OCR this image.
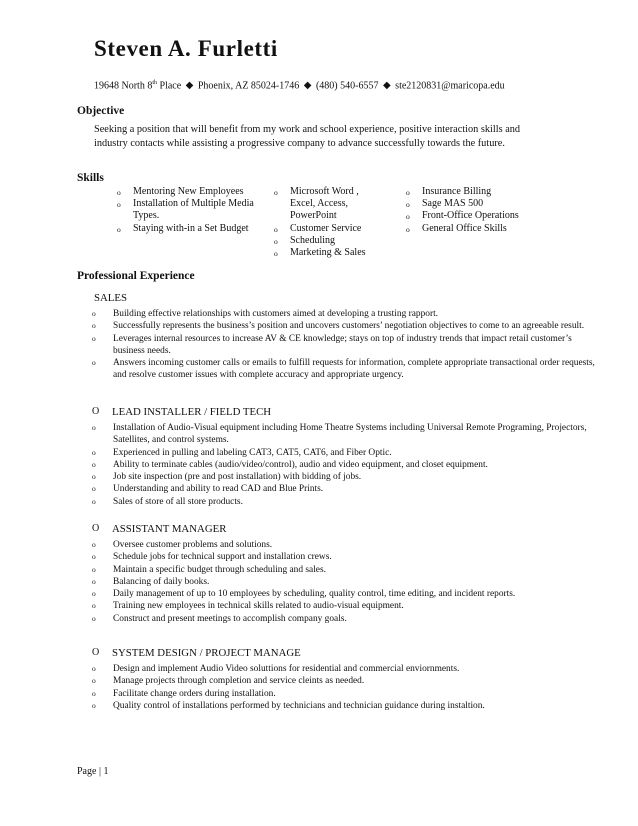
Steven A. Furletti
19648 North 8th Place ◆ Phoenix, AZ 85024-1746 ◆ (480) 540-6557 ◆ ste2120831@maricopa.edu
Objective

Seeking a position that will benefit from my work and school experience, positive interaction skills and industry contacts while assisting a progressive company to advance successfully towards the future.

Skills
o Mentoring New Employees
o Installation of Multiple Media Types.
o Staying with-in a Set Budget
o Microsoft Word , Excel, Access, PowerPoint
o Customer Service
o Scheduling
o Marketing & Sales
o Insurance Billing
o Sage MAS 500
o Front-Office Operations
o General Office Skills
Professional Experience
SALES
o Building effective relationships with customers aimed at developing a trusting rapport.
o Successfully represents the business’s position and uncovers customers’ negotiation objectives to come to an agreeable result.
o Leverages internal resources to increase AV & CE knowledge; stays on top of industry trends that impact retail customer’s business needs.
o Answers incoming customer calls or emails to fulfill requests for information, complete appropriate transactional order requests, and resolve customer issues with complete accuracy and appropriate urgency.
O LEAD INSTALLER / FIELD TECH
o Installation of Audio-Visual equipment including Home Theatre Systems including Universal Remote Programing, Projectors, Satellites, and control systems.
o Experienced in pulling and labeling CAT3, CAT5, CAT6, and Fiber Optic.
o Ability to terminate cables (audio/video/control), audio and video equipment, and closet equipment.
o Job site inspection (pre and post installation) with bidding of jobs.
o Understanding and ability to read CAD and Blue Prints.
o Sales of store of all store products.
O ASSISTANT MANAGER
o Oversee customer problems and solutions.
o Schedule jobs for technical support and installation crews.
o Maintain a specific budget through scheduling and sales.
o Balancing of daily books.
o Daily management of up to 10 employees by scheduling, quality control, time editing, and incident reports.
o Training new employees in technical skills related to audio-visual equipment.
o Construct and present meetings to accomplish company goals.
O SYSTEM DESIGN / PROJECT MANAGE
o Design and implement Audio Video soluttions for residential and commercial enviornments.
o Manage projects through completion and service cleints as needed.
o Facilitate change orders during installation.
o Quality control of installations performed by technicians and technician guidance during instaltion.
Page | 1
